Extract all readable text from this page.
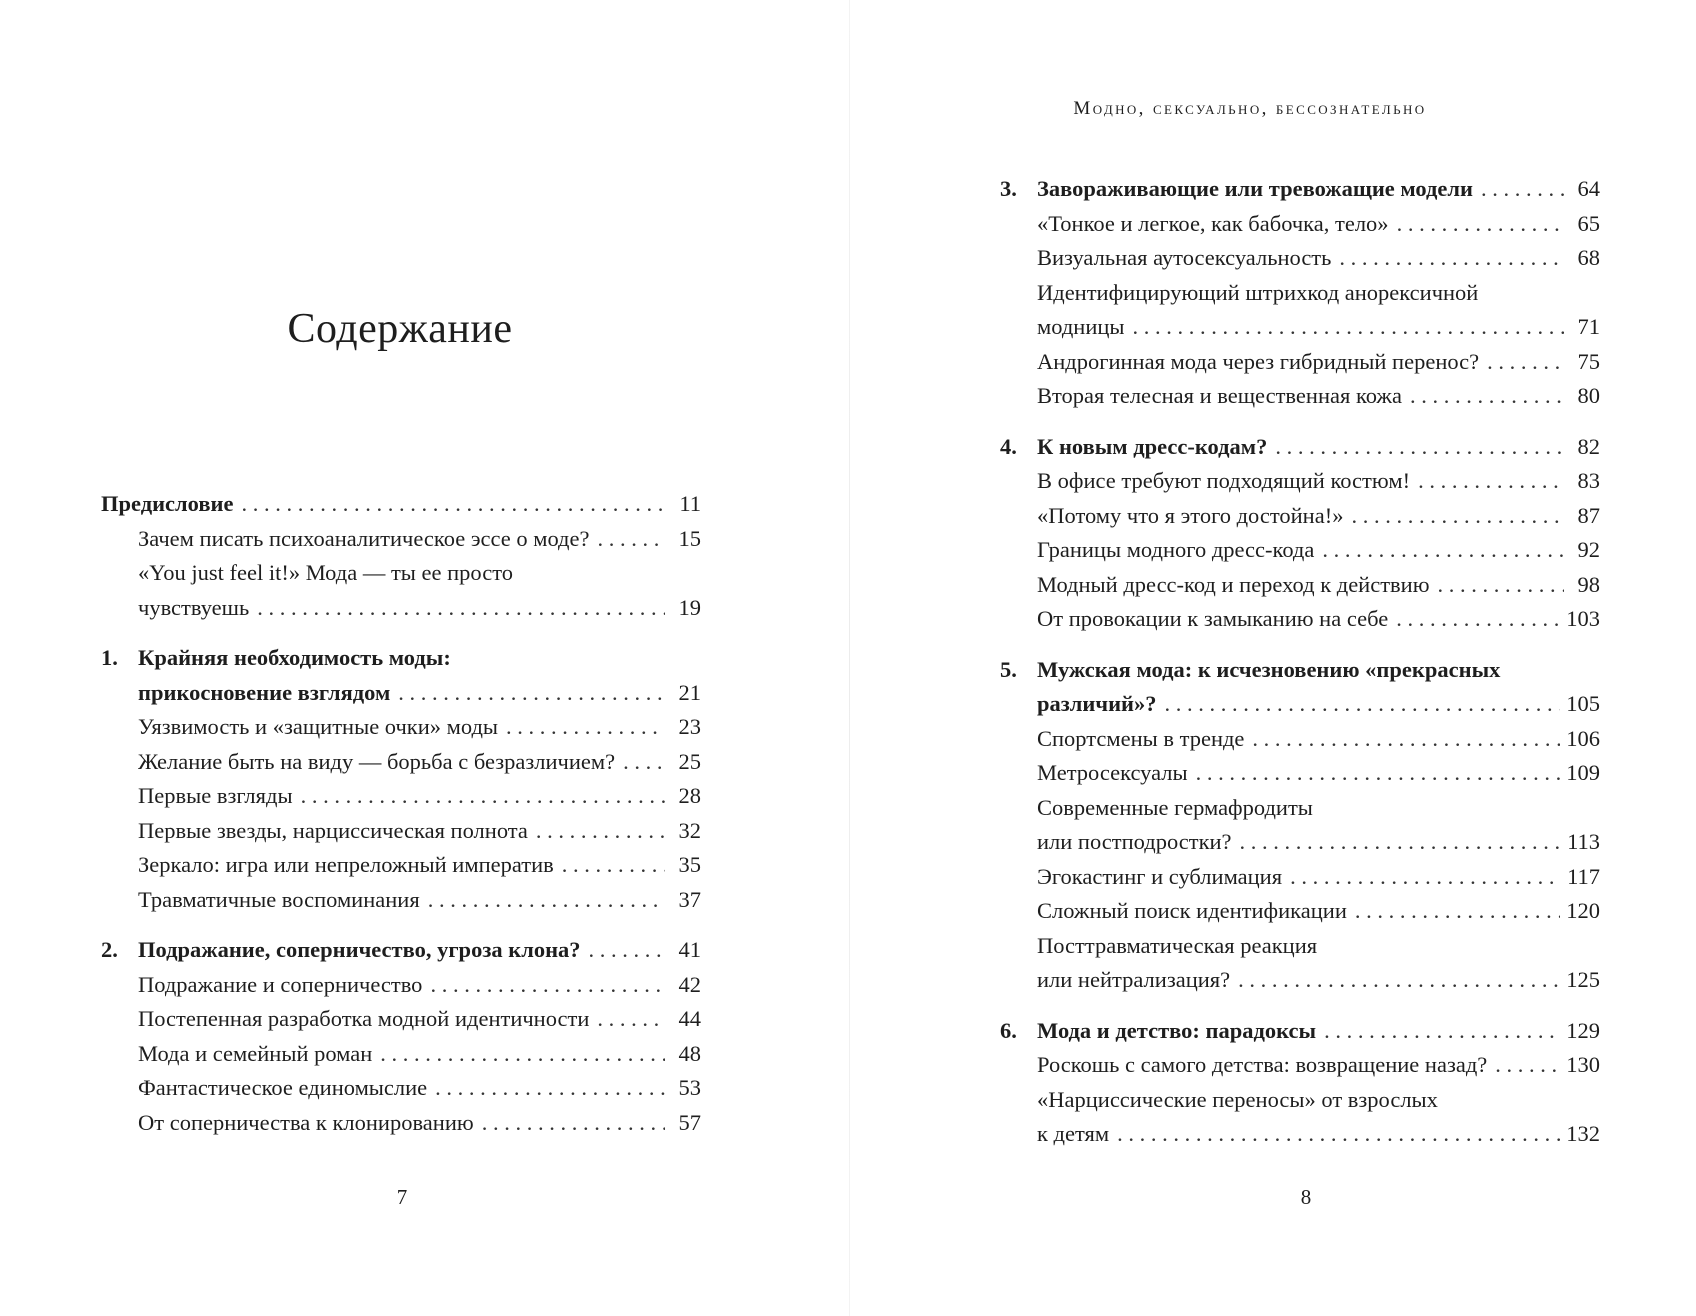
Содержание
Предисловие . . .	11
Зачем писать психоаналитическое эссе о моде? . . .	15
«You just feel it!» Мода — ты ее просто
чувствуешь . . .	19
1. Крайняя необходимость моды:
прикосновение взглядом . . .	21
Уязвимость и «защитные очки» моды . . .	23
Желание быть на виду — борьба с безразличием? . . .	25
Первые взгляды . . .	28
Первые звезды, нарциссическая полнота . . .	32
Зеркало: игра или непреложный императив . . .	35
Травматичные воспоминания . . .	37
2. Подражание, соперничество, угроза клона? . . .	41
Подражание и соперничество . . .	42
Постепенная разработка модной идентичности . . .	44
Мода и семейный роман . . .	48
Фантастическое единомыслие . . .	53
От соперничества к клонированию . . .	57
7
Модно, сексуально, бессознательно
3. Завораживающие или тревожащие модели . . .	64
«Тонкое и легкое, как бабочка, тело» . . .	65
Визуальная аутосексуальность . . .	68
Идентифицирующий штрихкод анорексичной
модницы . . .	71
Андрогинная мода через гибридный перенос? . . .	75
Вторая телесная и вещественная кожа . . .	80
4. К новым дресс-кодам? . . .	82
В офисе требуют подходящий костюм! . . .	83
«Потому что я этого достойна!» . . .	87
Границы модного дресс-кода . . .	92
Модный дресс-код и переход к действию . . .	98
От провокации к замыканию на себе . . .	103
5. Мужская мода: к исчезновению «прекрасных
различий»? . . .	105
Спортсмены в тренде . . .	106
Метросексуалы . . .	109
Современные гермафродиты
или постподростки? . . .	113
Эгокастинг и сублимация . . .	117
Сложный поиск идентификации . . .	120
Посттравматическая реакция
или нейтрализация? . . .	125
6. Мода и детство: парадоксы . . .	129
Роскошь с самого детства: возвращение назад? . . .	130
«Нарциссические переносы» от взрослых
к детям . . .	132
8
